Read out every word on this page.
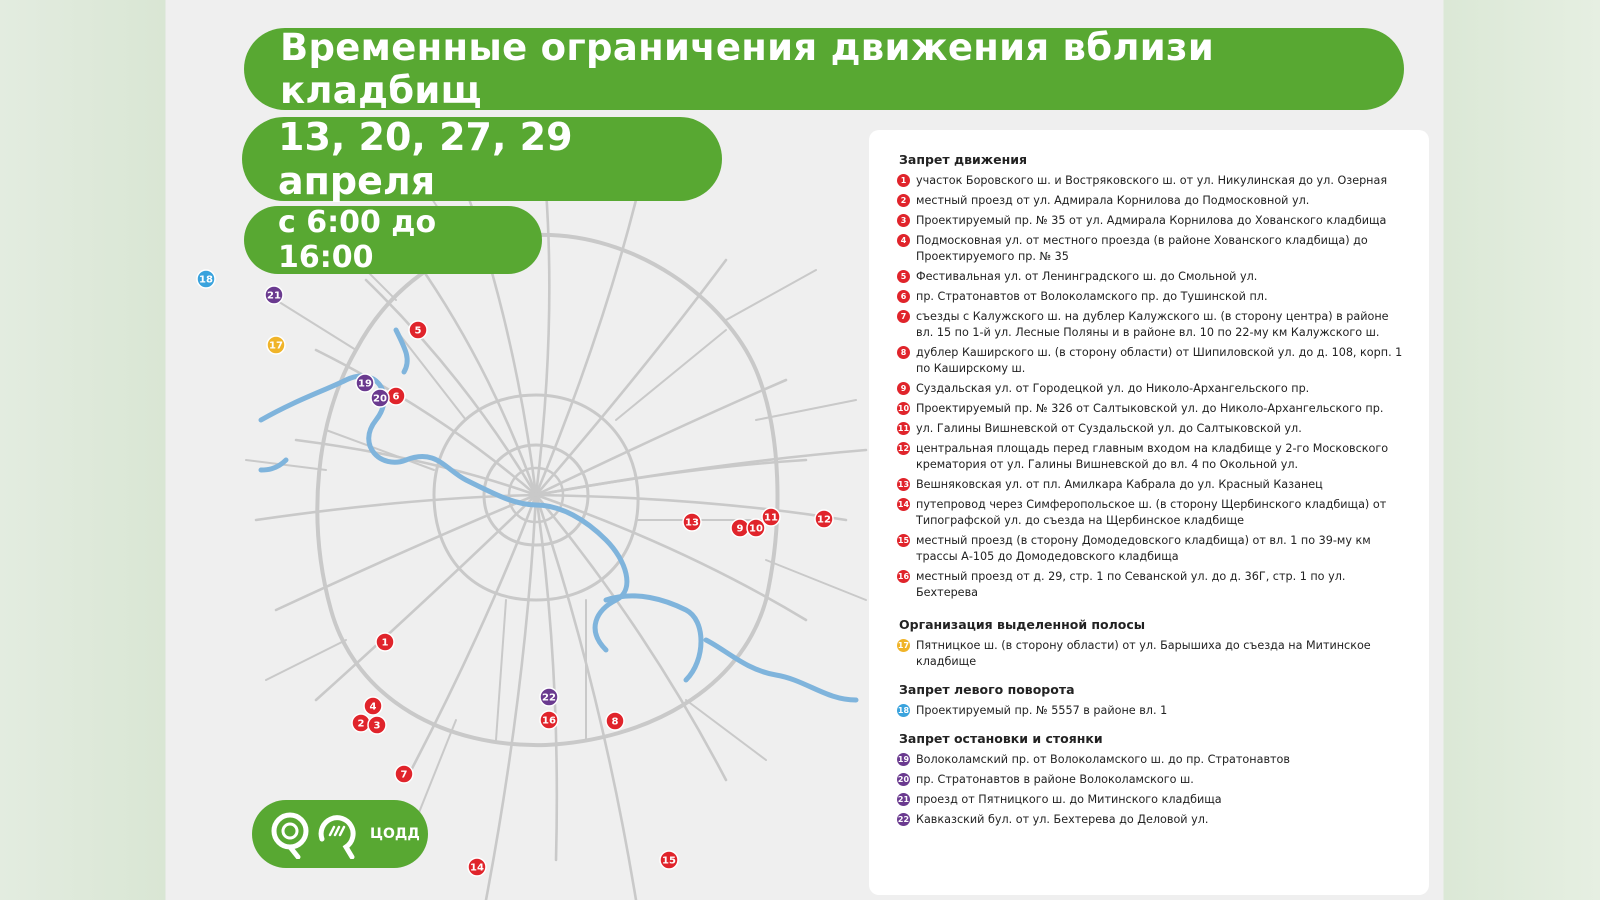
1
2 3
4
5
6
7
8
9 10
11	12
13
14
15
16
17
18
19
20
21
22
Временные ограничения движения вблизи кладбищ
13, 20, 27, 29 апреля
с 6:00 до 16:00
Запрет движения
1 участок Боровского ш. и Востряковского ш. от ул. Никулинская до ул. Озерная
2 местный проезд от ул. Адмирала Корнилова до Подмосковной ул.
3 Проектируемый пр. № 35 от ул. Адмирала Корнилова до Хованского кладбища
4 Подмосковная ул. от местного проезда (в районе Хованского кладбища) до Проектируемого пр. № 35
5 Фестивальная ул. от Ленинградского ш. до Смольной ул.
6 пр. Стратонавтов от Волоколамского пр. до Тушинской пл.
7 съезды с Калужского ш. на дублер Калужского ш. (в сторону центра) в районе вл. 15 по 1-й ул. Лесные Поляны и в районе вл. 10 по 22-му км Калужского ш.
8 дублер Каширского ш. (в сторону области) от Шипиловской ул. до д. 108, корп. 1 по Каширскому ш.
9 Суздальская ул. от Городецкой ул. до Николо-Архангельского пр.
10 Проектируемый пр. № 326 от Салтыковской ул. до Николо-Архангельского пр.
11 ул. Галины Вишневской от Суздальской ул. до Салтыковской ул.
12 центральная площадь перед главным входом на кладбище у 2-го Московского крематория от ул. Галины Вишневской до вл. 4 по Окольной ул.
13 Вешняковская ул. от пл. Амилкара Кабрала до ул. Красный Казанец
14 путепровод через Симферопольское ш. (в сторону Щербинского кладбища) от Типографской ул. до съезда на Щербинское кладбище
15 местный проезд (в сторону Домодедовского кладбища) от вл. 1 по 39-му км трассы А-105 до Домодедовского кладбища
16 местный проезд от д. 29, стр. 1 по Севанской ул. до д. 36Г, стр. 1 по ул. Бехтерева
Организация выделенной полосы
17 Пятницкое ш. (в сторону области) от ул. Барышиха до съезда на Митинское кладбище
Запрет левого поворота
18 Проектируемый пр. № 5557 в районе вл. 1
Запрет остановки и стоянки
19 Волоколамский пр. от Волоколамского ш. до пр. Стратонавтов
20 пр. Стратонавтов в районе Волоколамского ш.
21 проезд от Пятницкого ш. до Митинского кладбища
22 Кавказский бул. от ул. Бехтерева до Деловой ул.
ЦОДД
